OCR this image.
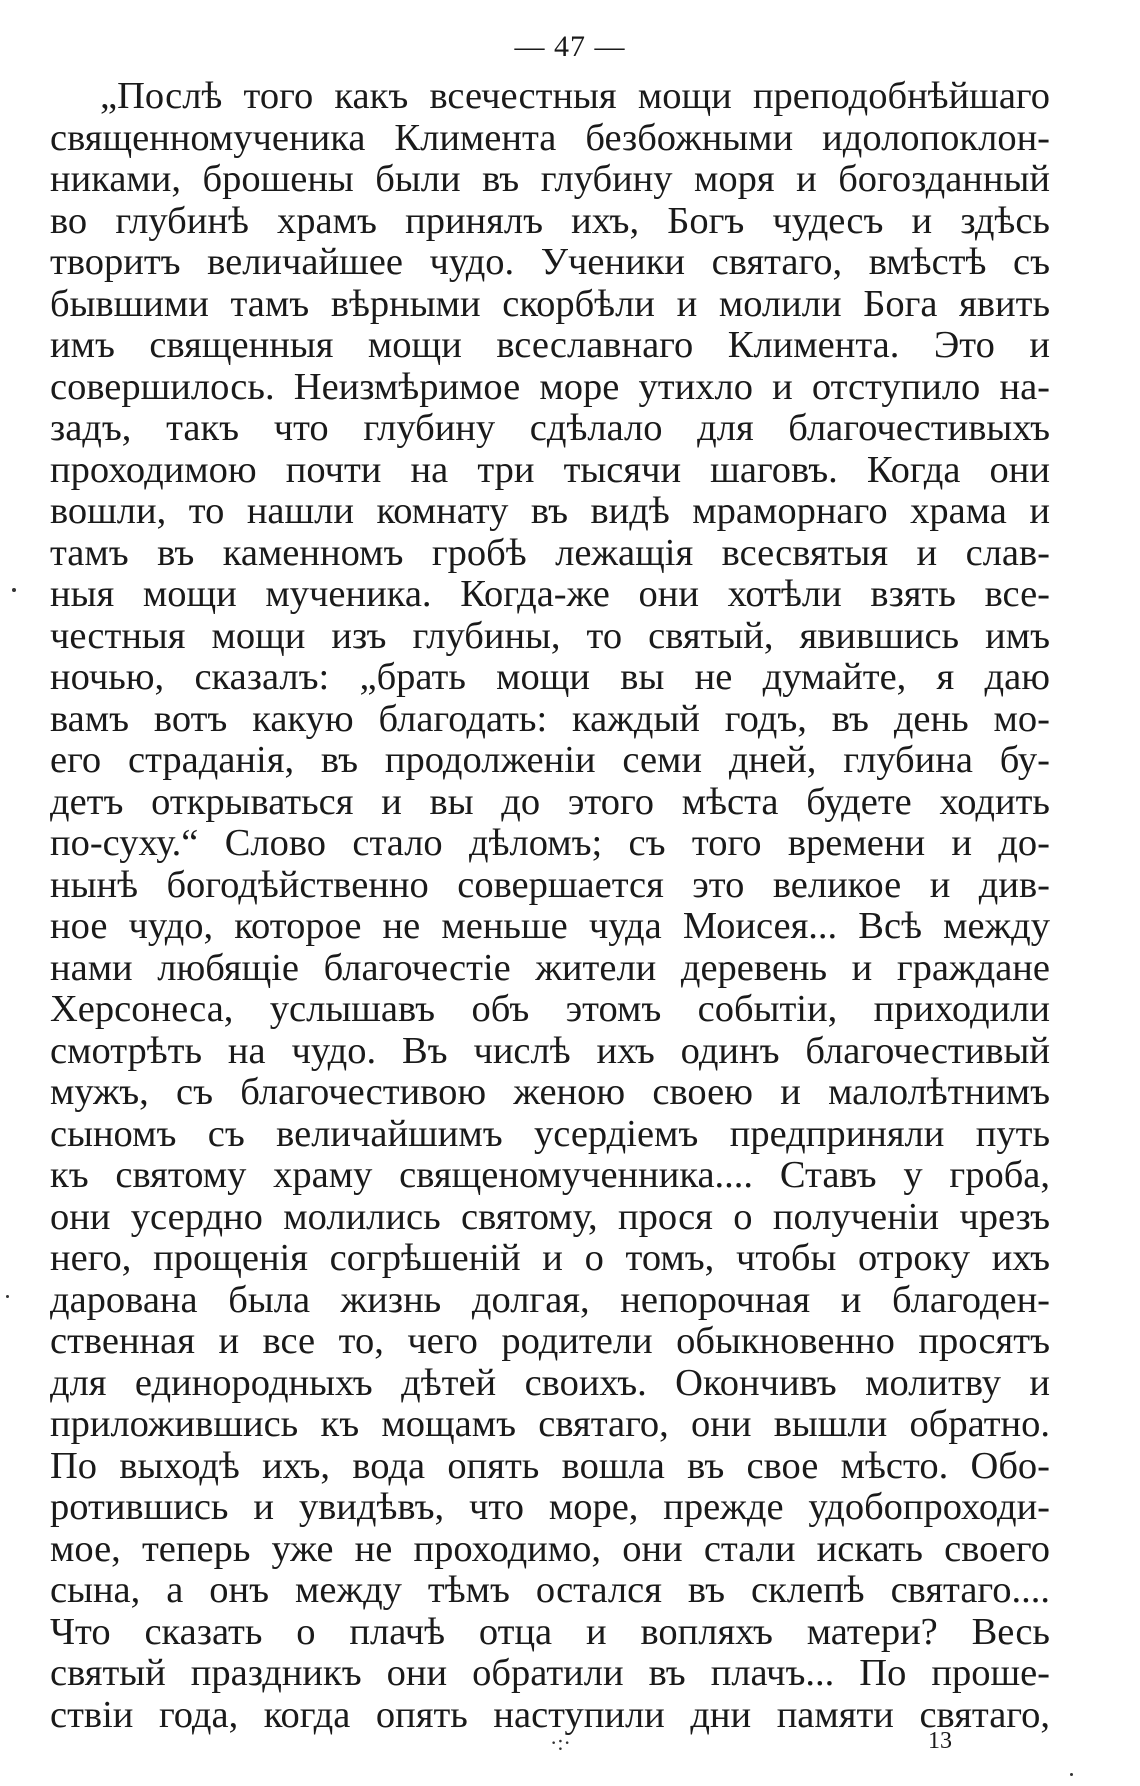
— 47 —
„Послѣ того какъ всечестныя мощи преподобнѣйшаго
священномученика Климента безбожными идолопоклон-
никами, брошены были въ глубину моря и богозданный
во глубинѣ храмъ принялъ ихъ, Богъ чудесъ и здѣсь
творитъ величайшее чудо. Ученики святаго, вмѣстѣ съ
бывшими тамъ вѣрными скорбѣли и молили Бога явить
имъ священныя мощи всеславнаго Климента. Это и
совершилось. Неизмѣримое море утихло и отступило на-
задъ, такъ что глубину сдѣлало для благочестивыхъ
проходимою почти на три тысячи шаговъ. Когда они
вошли, то нашли комнату въ видѣ мраморнаго храма и
тамъ въ каменномъ гробѣ лежащія всесвятыя и слав-
ныя мощи мученика. Когда-же они хотѣли взять все-
честныя мощи изъ глубины, то святый, явившись имъ
ночью, сказалъ: „брать мощи вы не думайте, я даю
вамъ вотъ какую благодать: каждый годъ, въ день мо-
его страданія, въ продолженіи семи дней, глубина бу-
детъ открываться и вы до этого мѣста будете ходить
по-суху.“ Слово стало дѣломъ; съ того времени и до-
нынѣ богодѣйственно совершается это великое и див-
ное чудо, которое не меньше чуда Моисея... Всѣ между
нами любящіе благочестіе жители деревень и граждане
Херсонеса, услышавъ объ этомъ событіи, приходили
смотрѣть на чудо. Въ числѣ ихъ одинъ благочестивый
мужъ, съ благочестивою женою своею и малолѣтнимъ
сыномъ съ величайшимъ усердіемъ предприняли путь
къ святому храму священомученника.... Ставъ у гроба,
они усердно молились святому, прося о полученіи чрезъ
него, прощенія согрѣшеній и о томъ, чтобы отроку ихъ
дарована была жизнь долгая, непорочная и благоден-
ственная и все то, чего родители обыкновенно просятъ
для единородныхъ дѣтей своихъ. Окончивъ молитву и
приложившись къ мощамъ святаго, они вышли обратно.
По выходѣ ихъ, вода опять вошла въ свое мѣсто. Обо-
ротившись и увидѣвъ, что море, прежде удобопроходи-
мое, теперь уже не проходимо, они стали искать своего
сына, а онъ между тѣмъ остался въ склепѣ святаго....
Что сказать о плачѣ отца и вопляхъ матери? Весь
святый праздникъ они обратили въ плачъ... По прошe-
ствіи года, когда опять наступили дни памяти святаго,
·:·	13
